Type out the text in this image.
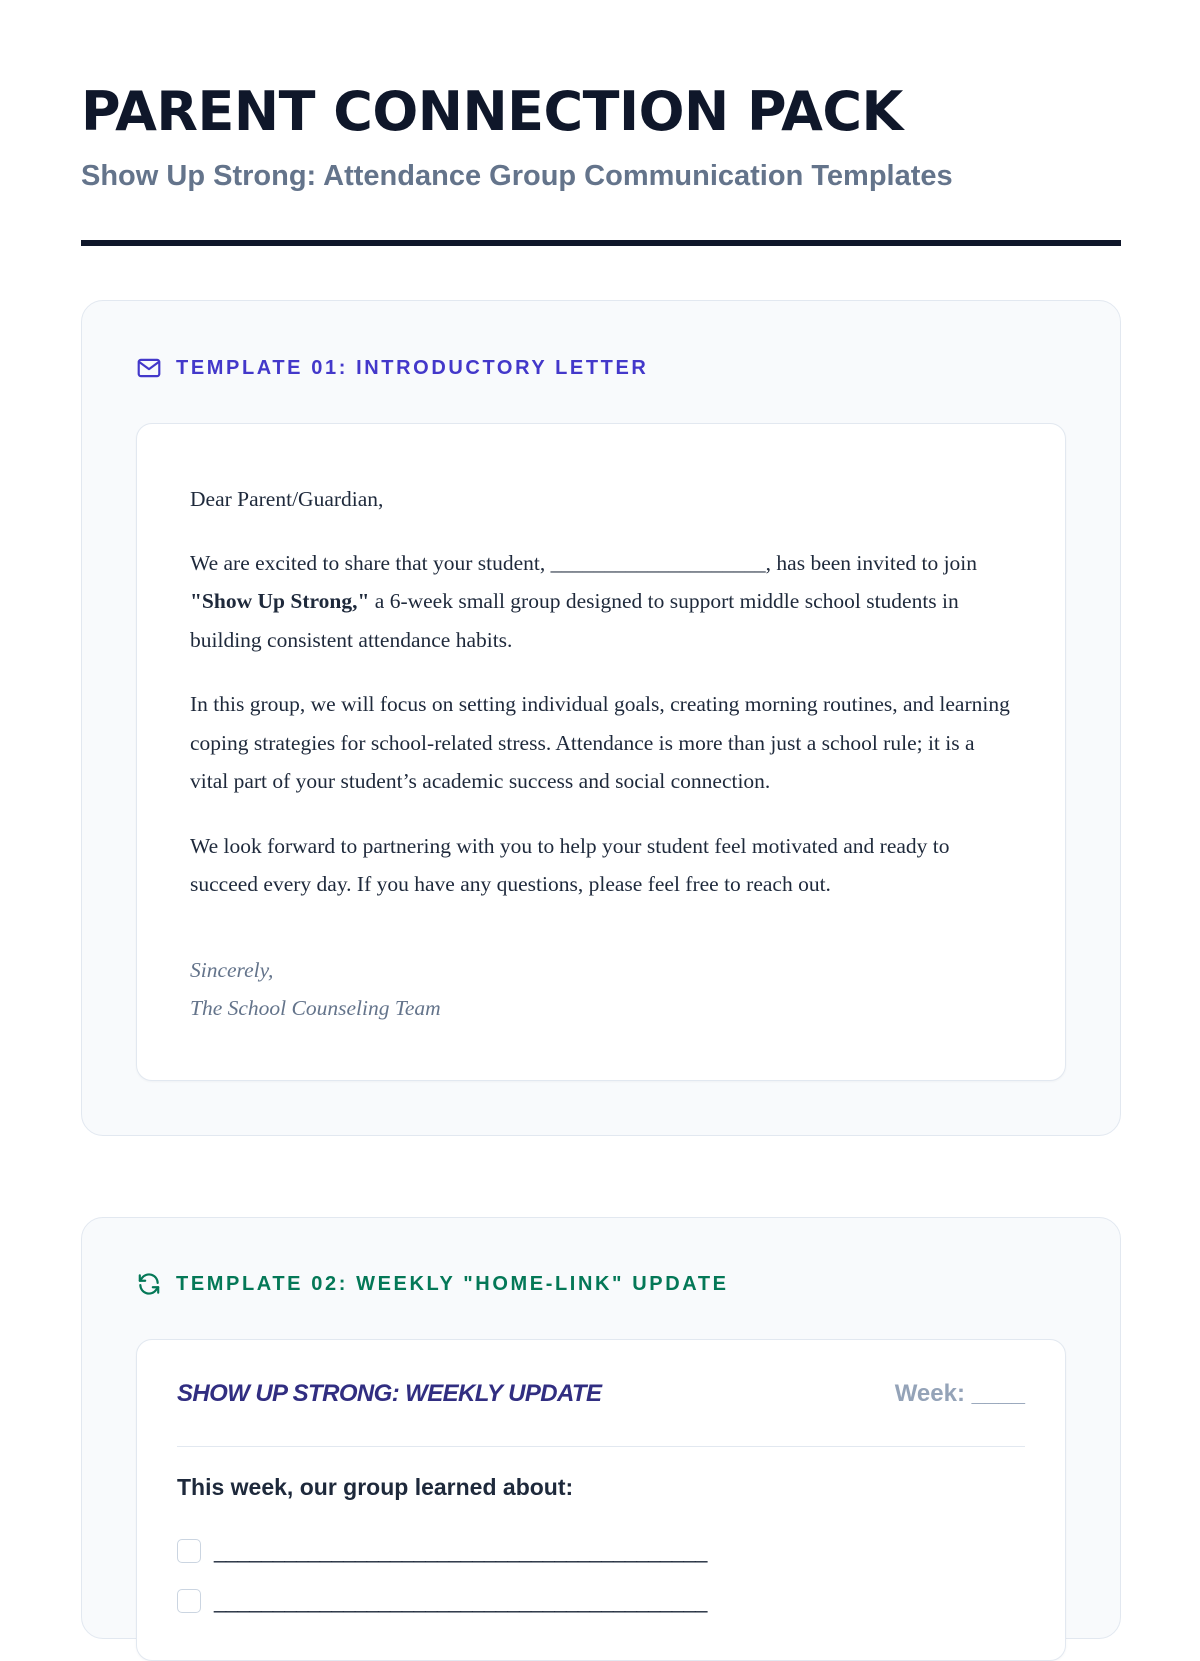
PARENT CONNECTION PACK

Show Up Strong: Attendance Group Communication Templates

TEMPLATE 01: INTRODUCTORY LETTER

Dear Parent/Guardian,

We are excited to share that your student, ____________________, has been invited to join "Show Up Strong," a 6-week small group designed to support middle school students in building consistent attendance habits.

In this group, we will focus on setting individual goals, creating morning routines, and learning coping strategies for school-related stress. Attendance is more than just a school rule; it is a vital part of your student’s academic success and social connection.

We look forward to partnering with you to help your student feel motivated and ready to succeed every day. If you have any questions, please feel free to reach out.

Sincerely,
The School Counseling Team
TEMPLATE 02: WEEKLY "HOME-LINK" UPDATE
SHOW UP STRONG: WEEKLY UPDATE	Week: ____
This week, our group learned about:
__________________________________________
__________________________________________
